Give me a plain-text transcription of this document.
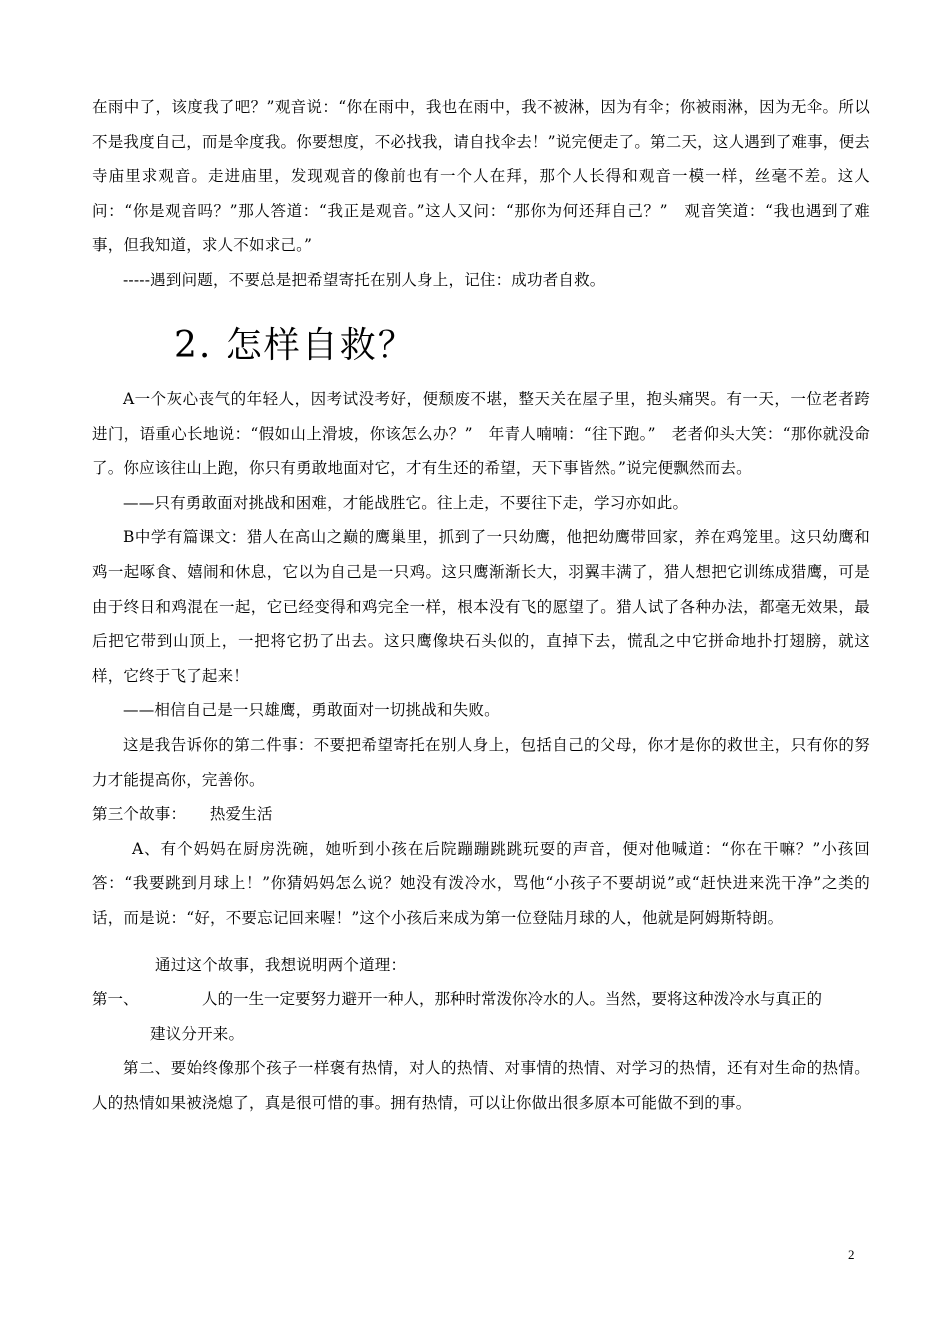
在雨中了，该度我了吧？”观音说：“你在雨中，我也在雨中，我不被淋，因为有伞；你被雨淋，因为无伞。所以不是我度自己，而是伞度我。你要想度，不必找我，请自找伞去！”说完便走了。第二天，这人遇到了难事，便去寺庙里求观音。走进庙里，发现观音的像前也有一个人在拜，那个人长得和观音一模一样，丝毫不差。这人问：“你是观音吗？”那人答道：“我正是观音。”这人又问：“那你为何还拜自己？”　观音笑道：“我也遇到了难事，但我知道，求人不如求己。”

-----遇到问题，不要总是把希望寄托在别人身上，记住：成功者自救。

2. 怎样自救？

A一个灰心丧气的年轻人，因考试没考好，便颓废不堪，整天关在屋子里，抱头痛哭。有一天，一位老者跨进门，语重心长地说：“假如山上滑坡，你该怎么办？”　年青人喃喃：“往下跑。”　老者仰头大笑：“那你就没命了。你应该往山上跑，你只有勇敢地面对它，才有生还的希望，天下事皆然。”说完便飘然而去。

——只有勇敢面对挑战和困难，才能战胜它。往上走，不要往下走，学习亦如此。

B中学有篇课文：猎人在高山之巅的鹰巢里，抓到了一只幼鹰，他把幼鹰带回家，养在鸡笼里。这只幼鹰和鸡一起啄食、嬉闹和休息，它以为自己是一只鸡。这只鹰渐渐长大，羽翼丰满了，猎人想把它训练成猎鹰，可是由于终日和鸡混在一起，它已经变得和鸡完全一样，根本没有飞的愿望了。猎人试了各种办法，都毫无效果，最后把它带到山顶上，一把将它扔了出去。这只鹰像块石头似的，直掉下去，慌乱之中它拼命地扑打翅膀，就这样，它终于飞了起来！

——相信自己是一只雄鹰，勇敢面对一切挑战和失败。

这是我告诉你的第二件事：不要把希望寄托在别人身上，包括自己的父母，你才是你的救世主，只有你的努力才能提高你，完善你。

第三个故事：　　热爱生活

A、有个妈妈在厨房洗碗，她听到小孩在后院蹦蹦跳跳玩耍的声音，便对他喊道：“你在干嘛？”小孩回答：“我要跳到月球上！”你猜妈妈怎么说？她没有泼冷水，骂他“小孩子不要胡说”或“赶快进来洗干净”之类的话，而是说：“好，不要忘记回来喔！”这个小孩后来成为第一位登陆月球的人，他就是阿姆斯特朗。

通过这个故事，我想说明两个道理：

第一、	人的一生一定要努力避开一种人，那种时常泼你冷水的人。当然，要将这种泼冷水与真正的

建议分开来。

第二、要始终像那个孩子一样褒有热情，对人的热情、对事情的热情、对学习的热情，还有对生命的热情。人的热情如果被浇熄了，真是很可惜的事。拥有热情，可以让你做出很多原本可能做不到的事。

2
